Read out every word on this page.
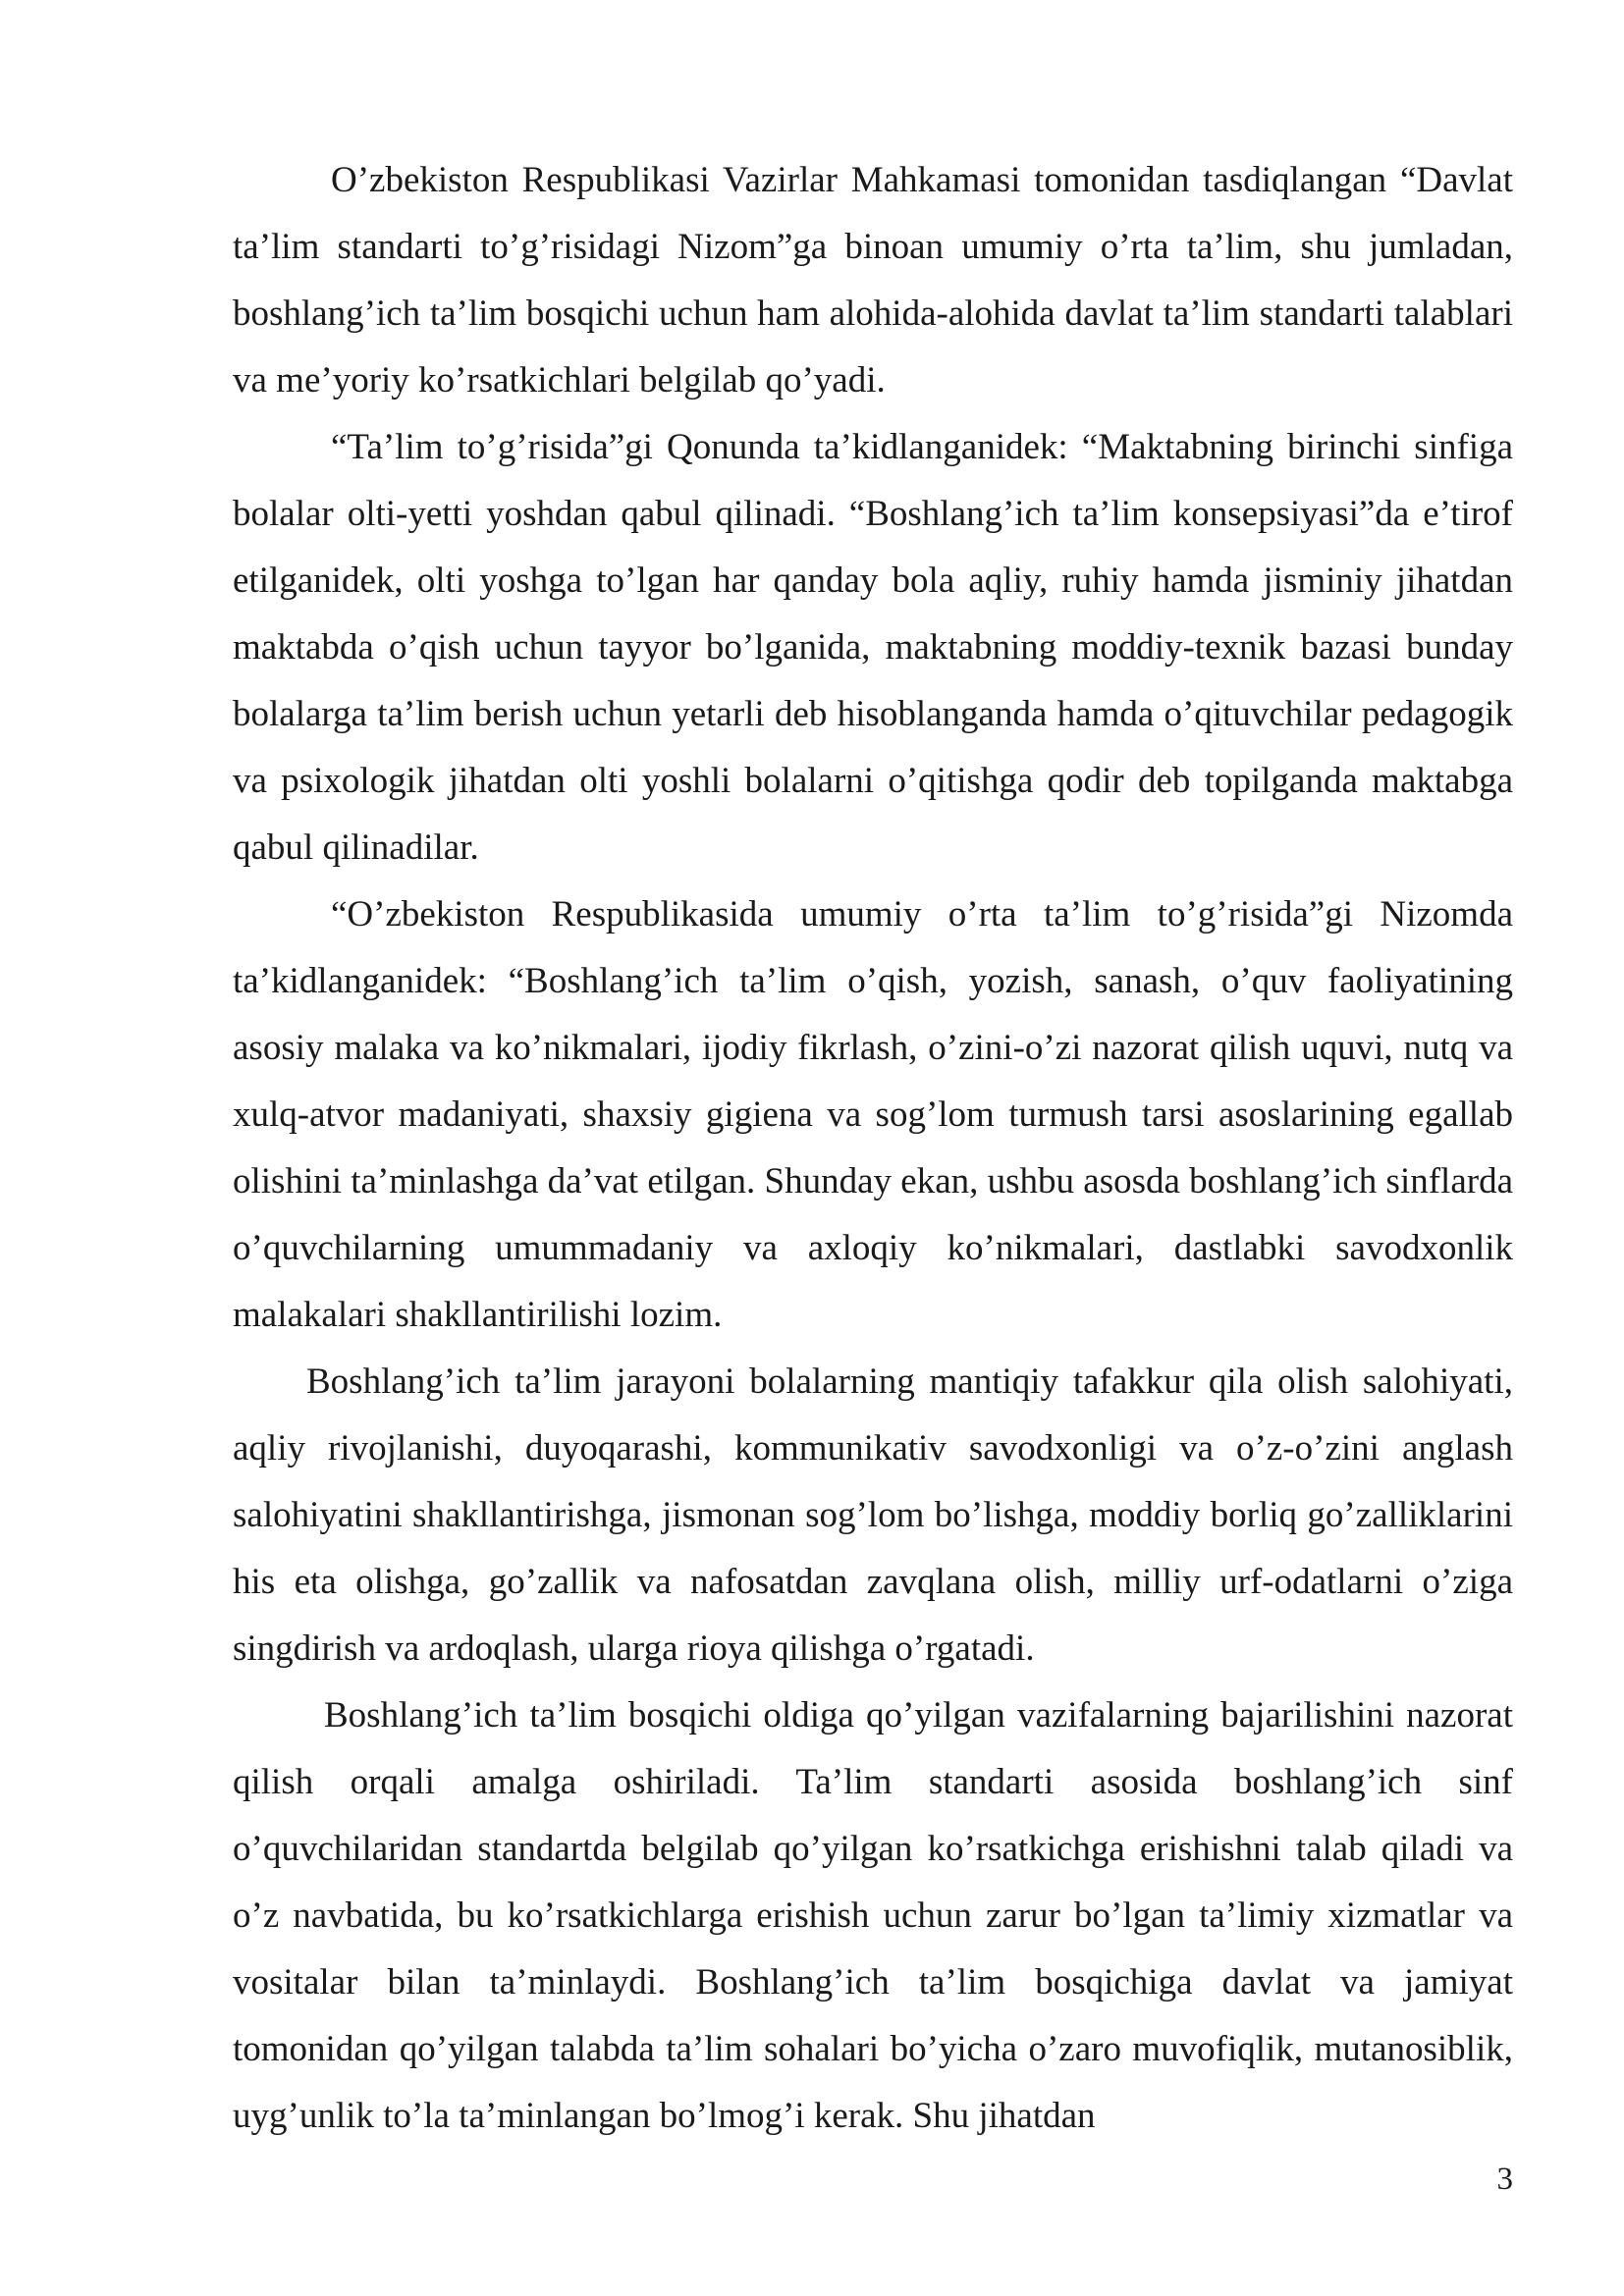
O’zbekiston Respublikasi Vazirlar Mahkamasi tomonidan tasdiqlangan “Davlat ta’lim standarti to’g’risidagi Nizom”ga binoan umumiy o’rta ta’lim, shu jumladan, boshlang’ich ta’lim bosqichi uchun ham alohida-alohida davlat ta’lim standarti talablari va me’yoriy ko’rsatkichlari belgilab qo’yadi.

“Ta’lim to’g’risida”gi Qonunda ta’kidlanganidek: “Maktabning birinchi sinfiga bolalar olti-yetti yoshdan qabul qilinadi. “Boshlang’ich ta’lim konsepsiyasi”da e’tirof etilganidek, olti yoshga to’lgan har qanday bola aqliy, ruhiy hamda jisminiy jihatdan maktabda o’qish uchun tayyor bo’lganida, maktabning moddiy-texnik bazasi bunday bolalarga ta’lim berish uchun yetarli deb hisoblanganda hamda o’qituvchilar pedagogik va psixologik jihatdan olti yoshli bolalarni o’qitishga qodir deb topilganda maktabga qabul qilinadilar.

“O’zbekiston Respublikasida umumiy o’rta ta’lim to’g’risida”gi Nizomda ta’kidlanganidek: “Boshlang’ich ta’lim o’qish, yozish, sanash, o’quv faoliyatining asosiy malaka va ko’nikmalari, ijodiy fikrlash, o’zini-o’zi nazorat qilish uquvi, nutq va xulq-atvor madaniyati, shaxsiy gigiena va sog’lom turmush tarsi asoslarining egallab olishini ta’minlashga da’vat etilgan. Shunday ekan, ushbu asosda boshlang’ich sinflarda o’quvchilarning umummadaniy va axloqiy ko’nikmalari, dastlabki savodxonlik malakalari shakllantirilishi lozim.

Boshlang’ich ta’lim jarayoni bolalarning mantiqiy tafakkur qila olish salohiyati, aqliy rivojlanishi, duyoqarashi, kommunikativ savodxonligi va o’z-o’zini anglash salohiyatini shakllantirishga, jismonan sog’lom bo’lishga, moddiy borliq go’zalliklarini his eta olishga, go’zallik va nafosatdan zavqlana olish, milliy urf-odatlarni o’ziga singdirish va ardoqlash, ularga rioya qilishga o’rgatadi.

Boshlang’ich ta’lim bosqichi oldiga qo’yilgan vazifalarning bajarilishini nazorat qilish orqali amalga oshiriladi. Ta’lim standarti asosida boshlang’ich sinf o’quvchilaridan standartda belgilab qo’yilgan ko’rsatkichga erishishni talab qiladi va o’z navbatida, bu ko’rsatkichlarga erishish uchun zarur bo’lgan ta’limiy xizmatlar va vositalar bilan ta’minlaydi. Boshlang’ich ta’lim bosqichiga davlat va jamiyat tomonidan qo’yilgan talabda ta’lim sohalari bo’yicha o’zaro muvofiqlik, mutanosiblik, uyg’unlik to’la ta’minlangan bo’lmog’i kerak. Shu jihatdan

3
